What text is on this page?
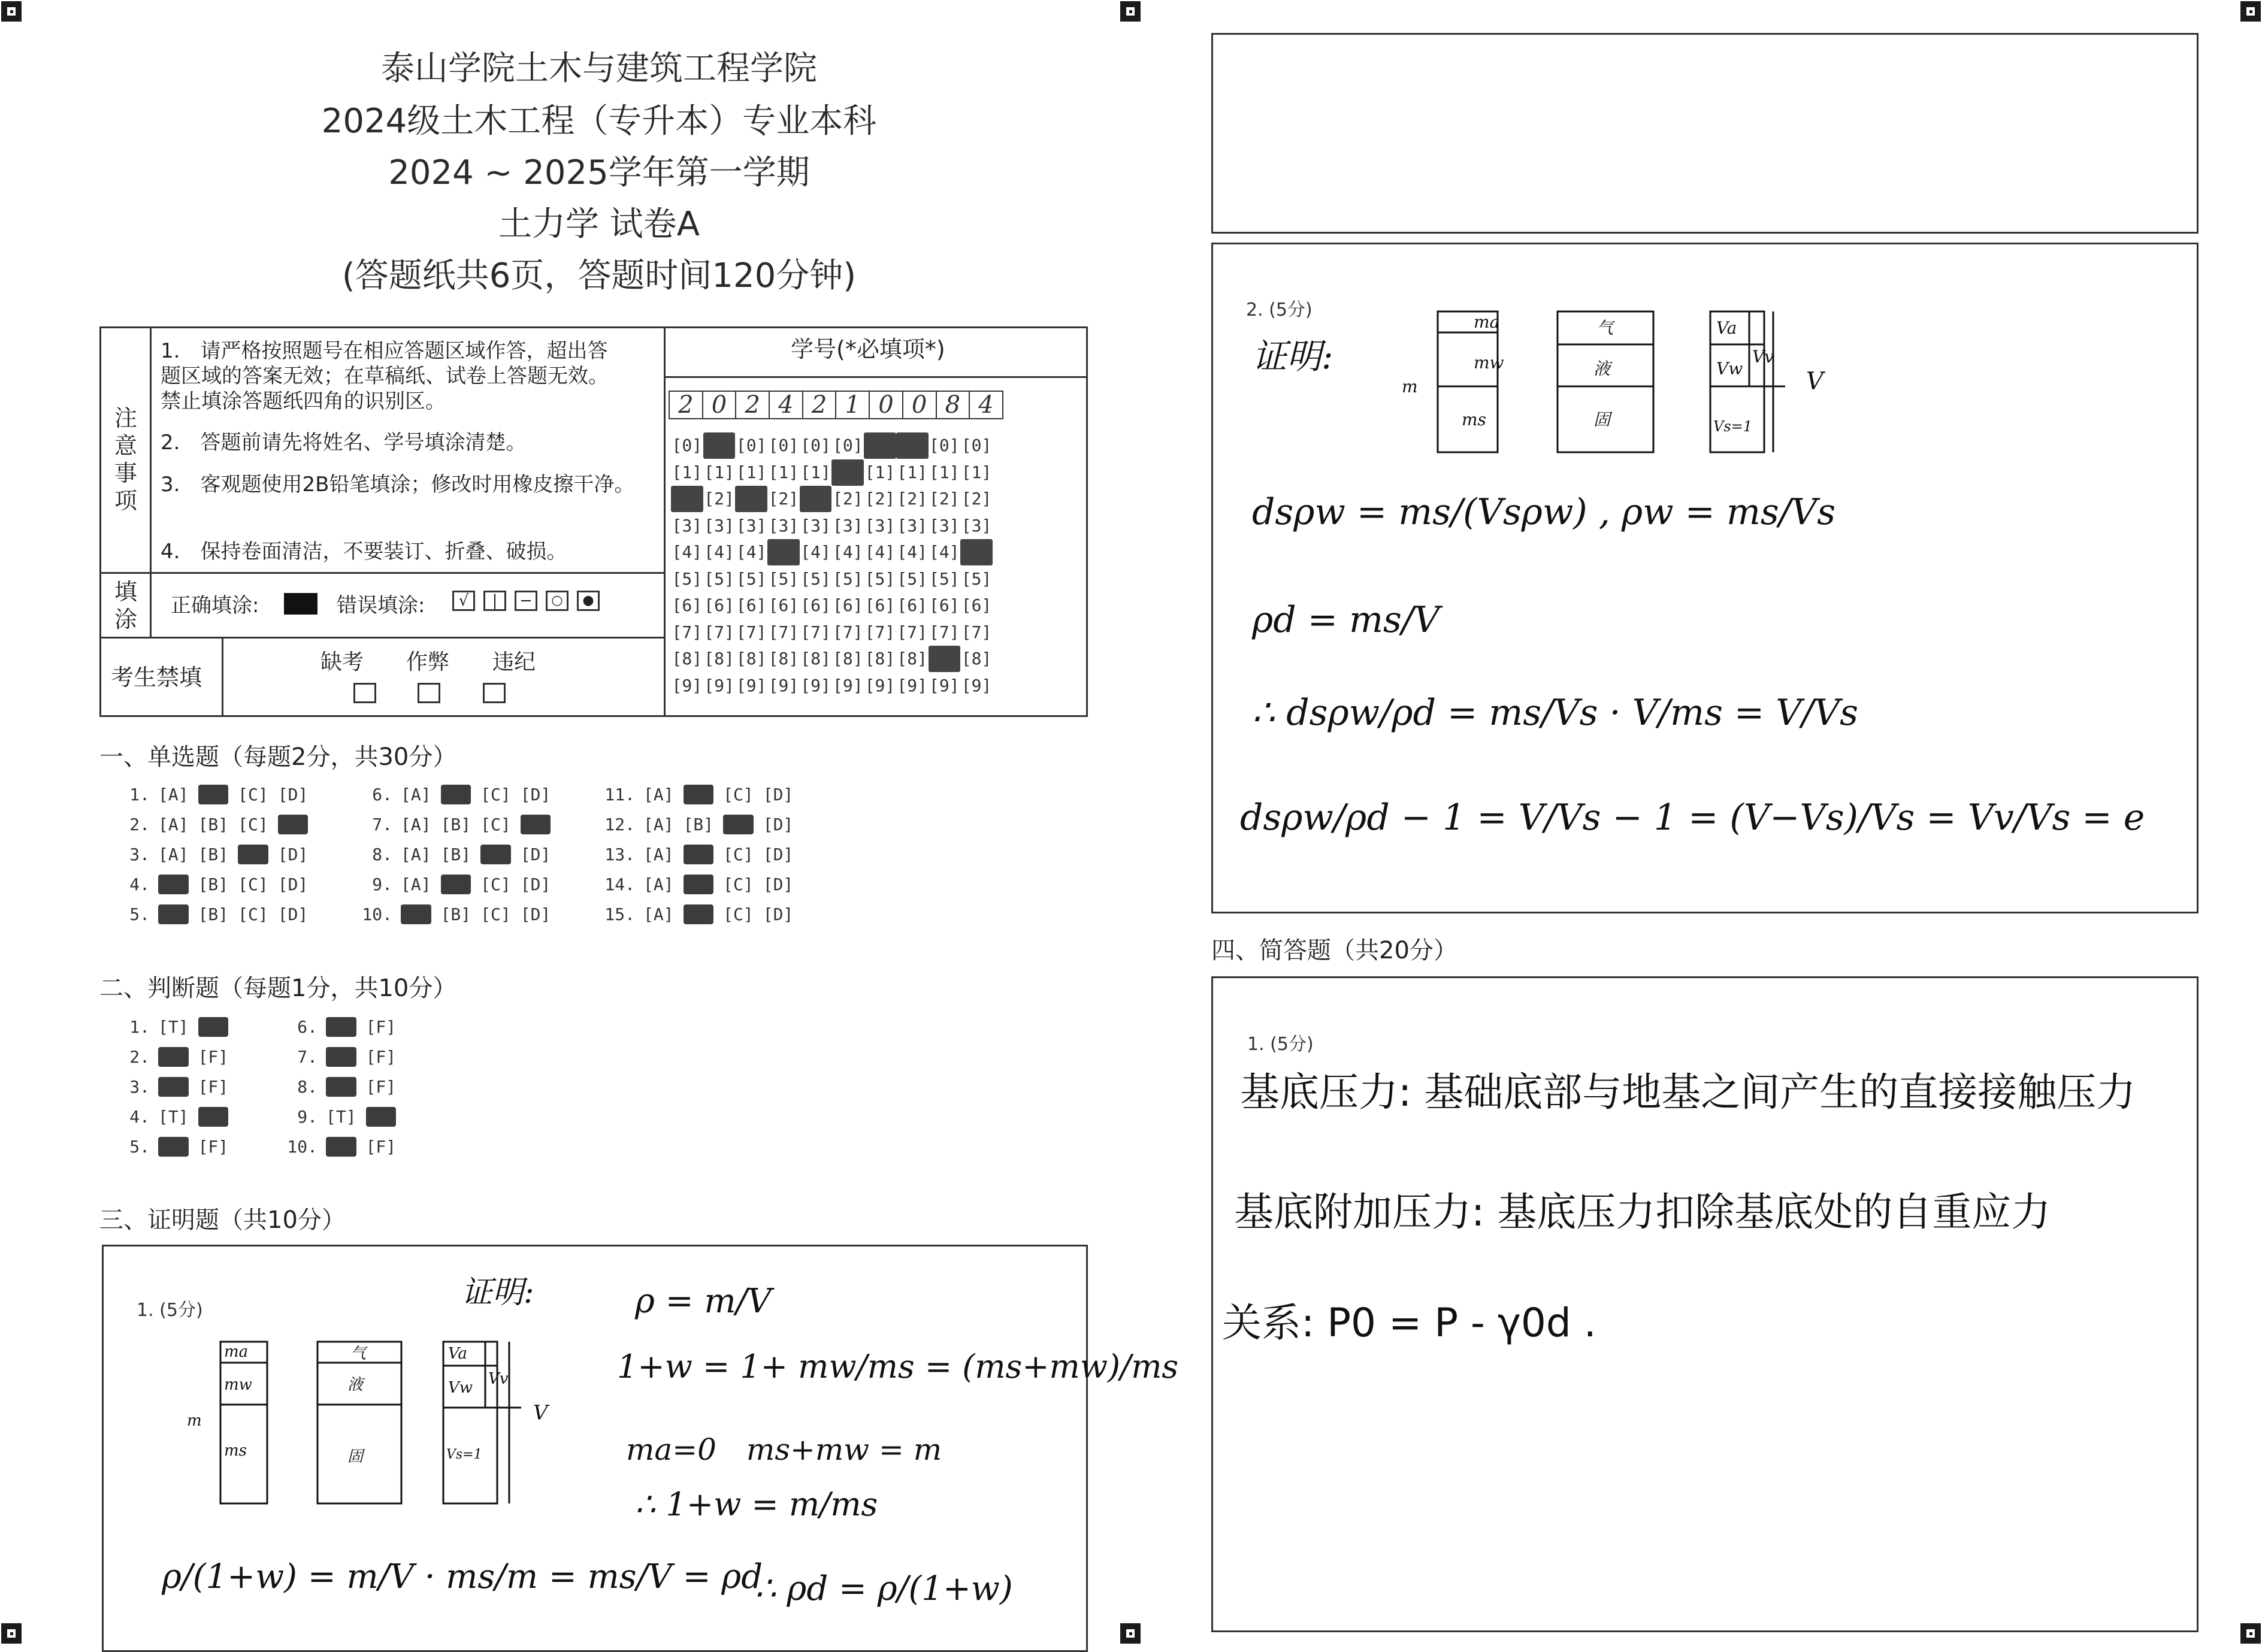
泰山学院土木与建筑工程学院
2024级土木工程（专升本）专业本科
2024 ~ 2025学年第一学期
土力学 试卷A
(答题纸共6页，答题时间120分钟)
注意事项
1.　请严格按照题号在相应答题区域作答，超出答题区域的答案无效；在草稿纸、试卷上答题无效。禁止填涂答题纸四角的识别区。
2.　答题前请先将姓名、学号填涂清楚。
3.　客观题使用2B铅笔填涂；修改时用橡皮擦干净。
4.　保持卷面清洁，不要装订、折叠、破损。
填涂
正确填涂:	错误填涂:	√	|	−	○	●
考生禁填
缺考 作弊 违纪
学号(*必填项*)
2 0 2 4 2 1 0 0 8 4
[0] [0] [0] [0] [0] [0] [0] [0] [0] [0]
[1] [1] [1] [1] [1] [1] [1] [1] [1] [1]
[2] [2] [2] [2] [2] [2] [2] [2] [2] [2]
[3] [3] [3] [3] [3] [3] [3] [3] [3] [3]
[4] [4] [4] [4] [4] [4] [4] [4] [4] [4]
[5] [5] [5] [5] [5] [5] [5] [5] [5] [5]
[6] [6] [6] [6] [6] [6] [6] [6] [6] [6]
[7] [7] [7] [7] [7] [7] [7] [7] [7] [7]
[8] [8] [8] [8] [8] [8] [8] [8] [8] [8]
[9] [9] [9] [9] [9] [9] [9] [9] [9] [9]
一、单选题（每题2分，共30分）
1. [A] [B] [C] [D]
2. [A] [B] [C] [D]
3. [A] [B] [C] [D]
4. [A] [B] [C] [D]
5. [A] [B] [C] [D]
6. [A] [B] [C] [D]
7. [A] [B] [C] [D]
8. [A] [B] [C] [D]
9. [A] [B] [C] [D]
10. [A] [B] [C] [D]
11. [A] [B] [C] [D]
12. [A] [B] [C] [D]
13. [A] [B] [C] [D]
14. [A] [B] [C] [D]
15. [A] [B] [C] [D]
二、判断题（每题1分，共10分）
1. [T] [F]
2. [T] [F]
3. [T] [F]
4. [T] [F]
5. [T] [F]
6. [T] [F]
7. [T] [F]
8. [T] [F]
9. [T] [F]
10. [T] [F]
三、证明题（共10分）
1. (5分)	证明:
ma
mw
ms
m
气
液
固
Va
Vw
Vs=1
Vv
V
ρ = m/V
1+w = 1+ mw/ms = (ms+mw)/ms
ma=0　ms+mw = m
∴ 1+w = m/ms
ρ/(1+w) = m/V · ms/m = ms/V = ρd
∴ ρd = ρ/(1+w)
2. (5分)
证明:
ma
mw
ms
m
气
液
固
Va
Vw
Vs=1
Vv
V
dsρw = ms/(Vsρw) , ρw = ms/Vs
ρd = ms/V
∴ dsρw/ρd = ms/Vs · V/ms = V/Vs
dsρw/ρd − 1 = V/Vs − 1 = (V−Vs)/Vs = Vv/Vs = e
四、简答题（共20分）
1. (5分)
基底压力: 基础底部与地基之间产生的直接接触压力
基底附加压力: 基底压力扣除基底处的自重应力
关系: P0 = P - γ0d .
